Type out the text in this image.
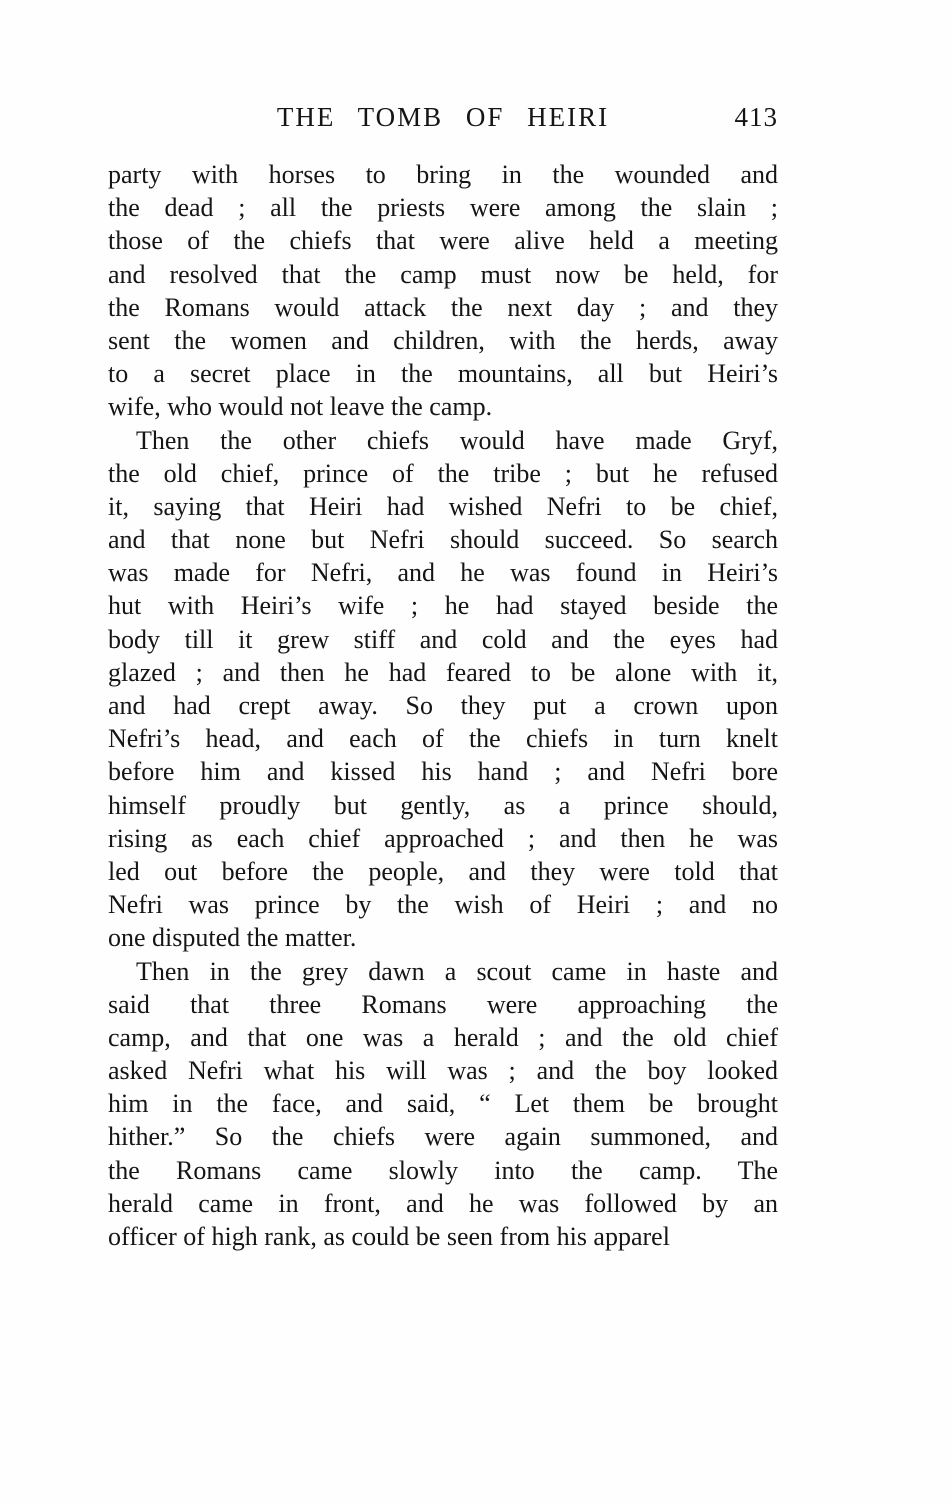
THE TOMB OF HEIRI	413
party with horses to bring in the wounded and
the dead ; all the priests were among the slain ;
those of the chiefs that were alive held a meeting
and resolved that the camp must now be held, for
the Romans would attack the next day ; and they
sent the women and children, with the herds, away
to a secret place in the mountains, all but Heiri’s
wife, who would not leave the camp.
Then the other chiefs would have made Gryf,
the old chief, prince of the tribe ; but he refused
it, saying that Heiri had wished Nefri to be chief,
and that none but Nefri should succeed. So search
was made for Nefri, and he was found in Heiri’s
hut with Heiri’s wife ; he had stayed beside the
body till it grew stiff and cold and the eyes had
glazed ; and then he had feared to be alone with it,
and had crept away. So they put a crown upon
Nefri’s head, and each of the chiefs in turn knelt
before him and kissed his hand ; and Nefri bore
himself proudly but gently, as a prince should,
rising as each chief approached ; and then he was
led out before the people, and they were told that
Nefri was prince by the wish of Heiri ; and no
one disputed the matter.
Then in the grey dawn a scout came in haste and
said that three Romans were approaching the
camp, and that one was a herald ; and the old chief
asked Nefri what his will was ; and the boy looked
him in the face, and said, “ Let them be brought
hither.” So the chiefs were again summoned, and
the Romans came slowly into the camp. The
herald came in front, and he was followed by an
officer of high rank, as could be seen from his apparel
